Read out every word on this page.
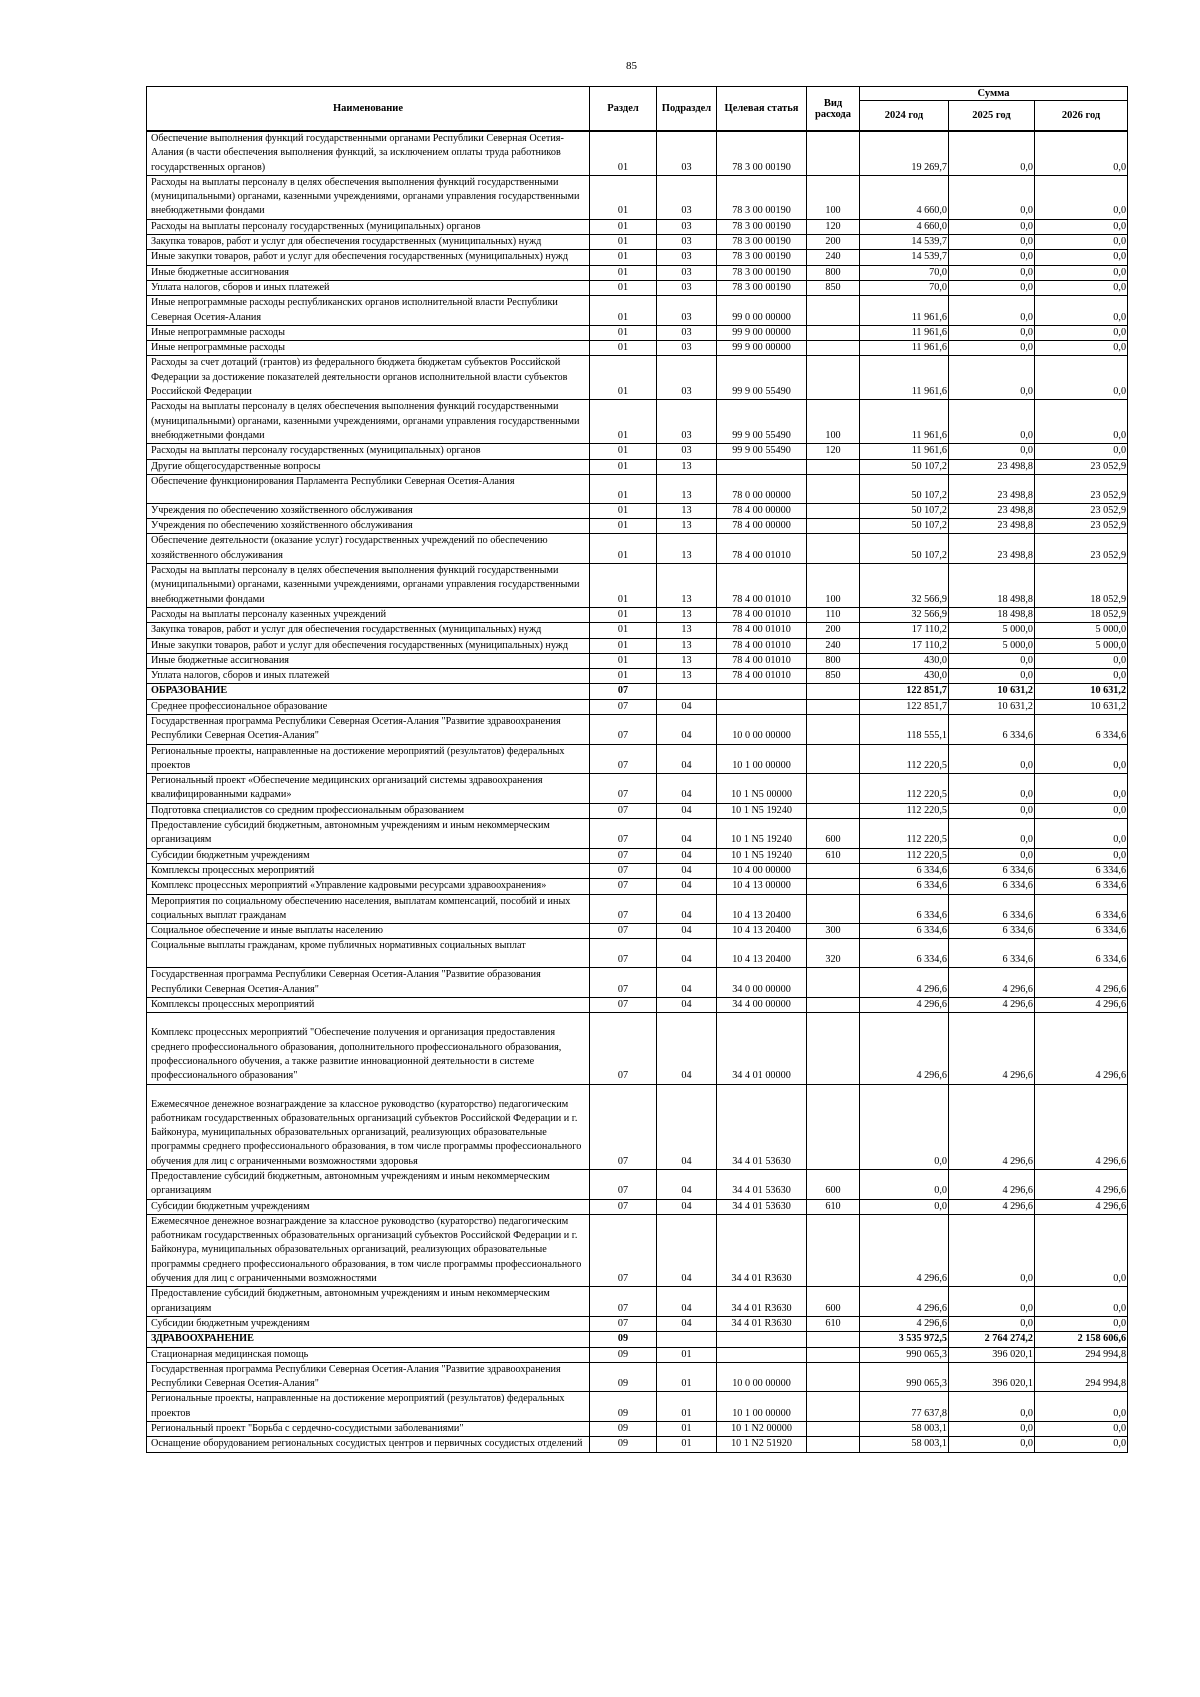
85
Наименование	Раздел	Подраздел	Целевая статья	Вид расхода	Сумма		
					2024 год	2025 год	2026 год
Обеспечение выполнения функций государственными органами Республики Северная Осетия-Алания (в части обеспечения выполнения функций, за исключением оплаты труда работников государственных органов)	01	03	78 3 00 00190		19 269,7	0,0	0,0
Расходы на выплаты персоналу в целях обеспечения выполнения функций государственными (муниципальными) органами, казенными учреждениями, органами управления государственными внебюджетными фондами	01	03	78 3 00 00190	100	4 660,0	0,0	0,0
Расходы на выплаты персоналу государственных (муниципальных) органов	01	03	78 3 00 00190	120	4 660,0	0,0	0,0
Закупка товаров, работ и услуг для обеспечения государственных (муниципальных) нужд	01	03	78 3 00 00190	200	14 539,7	0,0	0,0
Иные закупки товаров, работ и услуг для обеспечения государственных (муниципальных) нужд	01	03	78 3 00 00190	240	14 539,7	0,0	0,0
Иные бюджетные ассигнования	01	03	78 3 00 00190	800	70,0	0,0	0,0
Уплата налогов, сборов и иных платежей	01	03	78 3 00 00190	850	70,0	0,0	0,0
Иные непрограммные расходы республиканских органов исполнительной власти Республики Северная Осетия-Алания	01	03	99 0 00 00000		11 961,6	0,0	0,0
Иные непрограммные расходы	01	03	99 9 00 00000		11 961,6	0,0	0,0
Иные непрограммные расходы	01	03	99 9 00 00000		11 961,6	0,0	0,0
Расходы за счет дотаций (грантов) из федерального бюджета бюджетам субъектов Российской Федерации за достижение показателей деятельности органов исполнительной власти субъектов Российской Федерации	01	03	99 9 00 55490		11 961,6	0,0	0,0
Расходы на выплаты персоналу в целях обеспечения выполнения функций государственными (муниципальными) органами, казенными учреждениями, органами управления государственными внебюджетными фондами	01	03	99 9 00 55490	100	11 961,6	0,0	0,0
Расходы на выплаты персоналу государственных (муниципальных) органов	01	03	99 9 00 55490	120	11 961,6	0,0	0,0
Другие общегосударственные вопросы	01	13			50 107,2	23 498,8	23 052,9
Обеспечение функционирования Парламента Республики Северная Осетия-Алания	01	13	78 0 00 00000		50 107,2	23 498,8	23 052,9
Учреждения по обеспечению хозяйственного обслуживания	01	13	78 4 00 00000		50 107,2	23 498,8	23 052,9
Учреждения по обеспечению хозяйственного обслуживания	01	13	78 4 00 00000		50 107,2	23 498,8	23 052,9
Обеспечение деятельности (оказание услуг) государственных учреждений по обеспечению хозяйственного обслуживания	01	13	78 4 00 01010		50 107,2	23 498,8	23 052,9
Расходы на выплаты персоналу в целях обеспечения выполнения функций государственными (муниципальными) органами, казенными учреждениями, органами управления государственными внебюджетными фондами	01	13	78 4 00 01010	100	32 566,9	18 498,8	18 052,9
Расходы на выплаты персоналу казенных учреждений	01	13	78 4 00 01010	110	32 566,9	18 498,8	18 052,9
Закупка товаров, работ и услуг для обеспечения государственных (муниципальных) нужд	01	13	78 4 00 01010	200	17 110,2	5 000,0	5 000,0
Иные закупки товаров, работ и услуг для обеспечения государственных (муниципальных) нужд	01	13	78 4 00 01010	240	17 110,2	5 000,0	5 000,0
Иные бюджетные ассигнования	01	13	78 4 00 01010	800	430,0	0,0	0,0
Уплата налогов, сборов и иных платежей	01	13	78 4 00 01010	850	430,0	0,0	0,0
ОБРАЗОВАНИЕ	07				122 851,7	10 631,2	10 631,2
Среднее профессиональное образование	07	04			122 851,7	10 631,2	10 631,2
Государственная программа Республики Северная Осетия-Алания "Развитие здравоохранения Республики Северная Осетия-Алания"	07	04	10 0 00 00000		118 555,1	6 334,6	6 334,6
Региональные проекты, направленные на достижение мероприятий (результатов) федеральных проектов	07	04	10 1 00 00000		112 220,5	0,0	0,0
Региональный проект «Обеспечение медицинских организаций системы здравоохранения квалифицированными кадрами»	07	04	10 1 N5 00000		112 220,5	0,0	0,0
Подготовка специалистов со средним профессиональным образованием	07	04	10 1 N5 19240		112 220,5	0,0	0,0
Предоставление субсидий бюджетным, автономным учреждениям и иным некоммерческим организациям	07	04	10 1 N5 19240	600	112 220,5	0,0	0,0
Субсидии бюджетным учреждениям	07	04	10 1 N5 19240	610	112 220,5	0,0	0,0
Комплексы процессных мероприятий	07	04	10 4 00 00000		6 334,6	6 334,6	6 334,6
Комплекс процессных мероприятий «Управление кадровыми ресурсами здравоохранения»	07	04	10 4 13 00000		6 334,6	6 334,6	6 334,6
Мероприятия по социальному обеспечению населения, выплатам компенсаций, пособий и иных социальных выплат гражданам	07	04	10 4 13 20400		6 334,6	6 334,6	6 334,6
Социальное обеспечение и иные выплаты населению	07	04	10 4 13 20400	300	6 334,6	6 334,6	6 334,6
Социальные выплаты гражданам, кроме публичных нормативных социальных выплат	07	04	10 4 13 20400	320	6 334,6	6 334,6	6 334,6
Государственная программа Республики Северная Осетия-Алания "Развитие образования Республики Северная Осетия-Алания"	07	04	34 0 00 00000		4 296,6	4 296,6	4 296,6
Комплексы процессных мероприятий	07	04	34 4 00 00000		4 296,6	4 296,6	4 296,6
Комплекс процессных мероприятий "Обеспечение получения и организация предоставления среднего профессионального образования, дополнительного профессионального образования, профессионального обучения, а также развитие инновационной деятельности в системе профессионального образования"	07	04	34 4 01 00000		4 296,6	4 296,6	4 296,6
Ежемесячное денежное вознаграждение за классное руководство (кураторство) педагогическим работникам государственных образовательных организаций субъектов Российской Федерации и г. Байконура, муниципальных образовательных организаций, реализующих образовательные программы среднего профессионального образования, в том числе программы профессионального обучения для лиц с ограниченными возможностями здоровья	07	04	34 4 01 53630		0,0	4 296,6	4 296,6
Предоставление субсидий бюджетным, автономным учреждениям и иным некоммерческим организациям	07	04	34 4 01 53630	600	0,0	4 296,6	4 296,6
Субсидии бюджетным учреждениям	07	04	34 4 01 53630	610	0,0	4 296,6	4 296,6
Ежемесячное денежное вознаграждение за классное руководство (кураторство) педагогическим работникам государственных образовательных организаций субъектов Российской Федерации и г. Байконура, муниципальных образовательных организаций, реализующих образовательные программы среднего профессионального образования, в том числе программы профессионального обучения для лиц с ограниченными возможностями	07	04	34 4 01 R3630		4 296,6	0,0	0,0
Предоставление субсидий бюджетным, автономным учреждениям и иным некоммерческим организациям	07	04	34 4 01 R3630	600	4 296,6	0,0	0,0
Субсидии бюджетным учреждениям	07	04	34 4 01 R3630	610	4 296,6	0,0	0,0
ЗДРАВООХРАНЕНИЕ	09				3 535 972,5	2 764 274,2	2 158 606,6
Стационарная медицинская помощь	09	01			990 065,3	396 020,1	294 994,8
Государственная программа Республики Северная Осетия-Алания "Развитие здравоохранения Республики Северная Осетия-Алания"	09	01	10 0 00 00000		990 065,3	396 020,1	294 994,8
Региональные проекты, направленные на достижение мероприятий (результатов) федеральных проектов	09	01	10 1 00 00000		77 637,8	0,0	0,0
Региональный проект "Борьба с сердечно-сосудистыми заболеваниями"	09	01	10 1 N2 00000		58 003,1	0,0	0,0
Оснащение оборудованием региональных сосудистых центров и первичных сосудистых отделений	09	01	10 1 N2 51920		58 003,1	0,0	0,0
